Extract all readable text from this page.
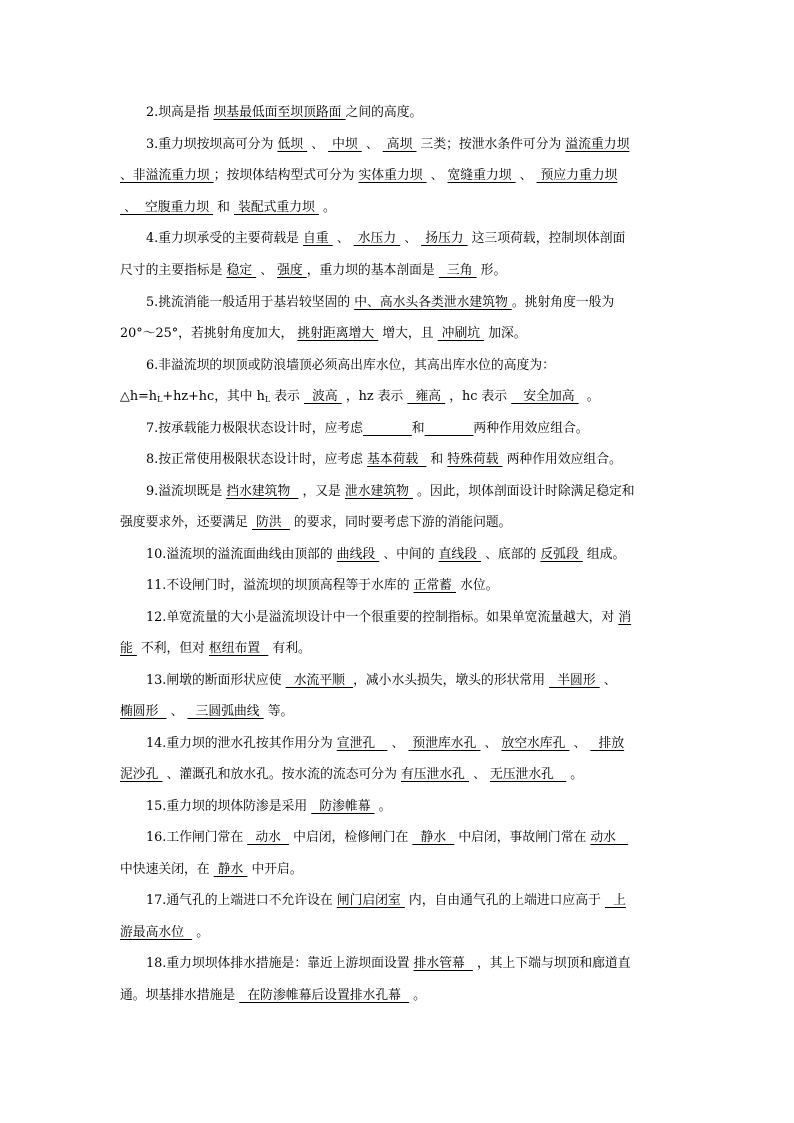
2.坝高是指 坝基最低面至坝顶路面 之间的高度。
3.重力坝按坝高可分为 低坝  、  中坝  、  高坝  三类；按泄水条件可分为 溢流重力坝
、非溢流重力坝 ；按坝体结构型式可分为 实体重力坝  、 宽缝重力坝  、  预应力重力坝
、  空腹重力坝  和  装配式重力坝  。
4.重力坝承受的主要荷载是 自重  、  水压力  、  扬压力  这三项荷载，控制坝体剖面
尺寸的主要指标是 稳定  、 强度 ，重力坝的基本剖面是   三角  形。
5.挑流消能一般适用于基岩较坚固的 中、高水头各类泄水建筑物 。挑射角度一般为
20°～25°，若挑射角度加大， 挑射距离增大  增大，且  冲刷坑  加深。
6.非溢流坝的坝顶或防浪墙顶必须高出库水位，其高出库水位的高度为：
$\triangle h=h_L+hz+hc$，其中 $h_L$ 表示   波高  ，hz 表示   雍高  ，hc 表示    安全加高   。
7.按承载能力极限状态设计时，应考虑	和	两种作用效应组合。
8.按正常使用极限状态设计时，应考虑 基本荷载   和 特殊荷载  两种作用效应组合。
9.溢流坝既是 挡水建筑物   ，又是 泄水建筑物  。因此，坝体剖面设计时除满足稳定和
强度要求外，还要满足  防洪   的要求，同时要考虑下游的消能问题。
10.溢流坝的溢流面曲线由顶部的 曲线段  、中间的 直线段  、底部的 反弧段  组成。
11.不设闸门时，溢流坝的坝顶高程等于水库的 正常蓄  水位。
12.单宽流量的大小是溢流坝设计中一个很重要的控制指标。如果单宽流量越大，对 消
能  不利，但对 枢纽布置   有利。
13.闸墩的断面形状应使   水流平顺  ，减小水头损失，墩头的形状常用   半圆形  、
椭圆形   、   三圆弧曲线  等。
14.重力坝的泄水孔按其作用分为 宣泄孔    、  预泄库水孔  、 放空水库孔  、   排放
泥沙孔  、灌溉孔和放水孔。按水流的流态可分为 有压泄水孔  、 无压泄水孔    。
15.重力坝的坝体防渗是采用   防渗帷幕  。
16.工作闸门常在   动水   中启闭，检修闸门在   静水   中启闭，事故闸门常在 动水
中快速关闭，在  静水  中开启。
17.通气孔的上端进口不允许设在 闸门启闭室  内，自由通气孔的上端进口应高于   上
游最高水位   。
18.重力坝坝体排水措施是：靠近上游坝面设置 排水管幕   ，其上下端与坝顶和廊道直
通。坝基排水措施是   在防渗帷幕后设置排水孔幕   。
